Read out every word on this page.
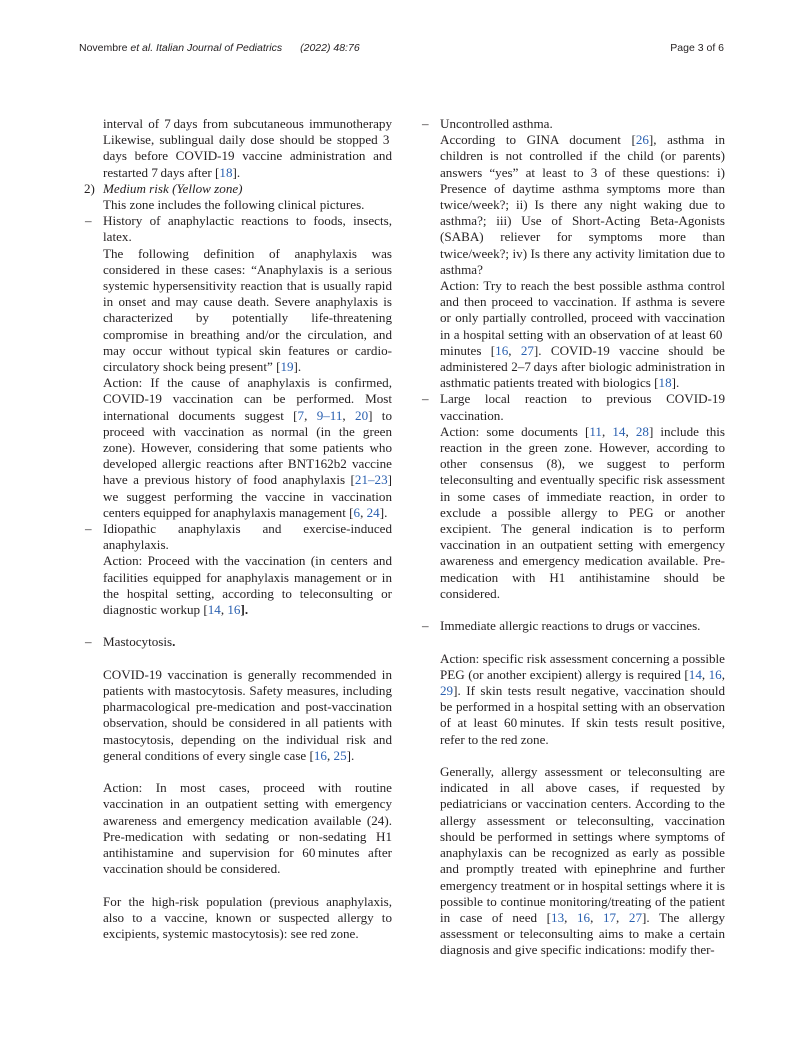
Novembre et al. Italian Journal of Pediatrics (2022) 48:76	Page 3 of 6

interval of 7 days from subcutaneous immunotherapy Likewise, sublingual daily dose should be stopped 3 days before COVID-19 vaccine administration and restarted 7 days after [18].

2) Medium risk (Yellow zone)

This zone includes the following clinical pictures.

– History of anaphylactic reactions to foods, insects, latex.

The following definition of anaphylaxis was considered in these cases: “Anaphylaxis is a serious systemic hypersensitivity reaction that is usually rapid in onset and may cause death. Severe anaphylaxis is characterized by potentially life-threatening compromise in breathing and/or the circulation, and may occur without typical skin features or cardio-circulatory shock being present” [19].

Action: If the cause of anaphylaxis is confirmed, COVID-19 vaccination can be performed. Most international documents suggest [7, 9–11, 20] to proceed with vaccination as normal (in the green zone). However, considering that some patients who developed allergic reactions after BNT162b2 vaccine have a previous history of food anaphylaxis [21–23] we suggest performing the vaccine in vaccination centers equipped for anaphylaxis management [6, 24].

– Idiopathic anaphylaxis and exercise-induced anaphylaxis.

Action: Proceed with the vaccination (in centers and facilities equipped for anaphylaxis management or in the hospital setting, according to teleconsulting or diagnostic workup [14, 16].

– Mastocytosis.

COVID-19 vaccination is generally recommended in patients with mastocytosis. Safety measures, including pharmacological pre-medication and post-vaccination observation, should be considered in all patients with mastocytosis, depending on the individual risk and general conditions of every single case [16, 25].

Action: In most cases, proceed with routine vaccination in an outpatient setting with emergency awareness and emergency medication available (24). Pre-medication with sedating or non-sedating H1 antihistamine and supervision for 60 minutes after vaccination should be considered.

For the high-risk population (previous anaphylaxis, also to a vaccine, known or suspected allergy to excipients, systemic mastocytosis): see red zone.

– Uncontrolled asthma.

According to GINA document [26], asthma in children is not controlled if the child (or parents) answers “yes” at least to 3 of these questions: i) Presence of daytime asthma symptoms more than twice/week?; ii) Is there any night waking due to asthma?; iii) Use of Short-Acting Beta-Agonists (SABA) reliever for symptoms more than twice/week?; iv) Is there any activity limitation due to asthma?

Action: Try to reach the best possible asthma control and then proceed to vaccination. If asthma is severe or only partially controlled, proceed with vaccination in a hospital setting with an observation of at least 60 minutes [16, 27]. COVID-19 vaccine should be administered 2–7 days after biologic administration in asthmatic patients treated with biologics [18].

– Large local reaction to previous COVID-19 vaccination.

Action: some documents [11, 14, 28] include this reaction in the green zone. However, according to other consensus (8), we suggest to perform teleconsulting and eventually specific risk assessment in some cases of immediate reaction, in order to exclude a possible allergy to PEG or another excipient. The general indication is to perform vaccination in an outpatient setting with emergency awareness and emergency medication available. Pre-medication with H1 antihistamine should be considered.

– Immediate allergic reactions to drugs or vaccines.

Action: specific risk assessment concerning a possible PEG (or another excipient) allergy is required [14, 16, 29]. If skin tests result negative, vaccination should be performed in a hospital setting with an observation of at least 60 minutes. If skin tests result positive, refer to the red zone.

Generally, allergy assessment or teleconsulting are indicated in all above cases, if requested by pediatricians or vaccination centers. According to the allergy assessment or teleconsulting, vaccination should be performed in settings where symptoms of anaphylaxis can be recognized as early as possible and promptly treated with epinephrine and further emergency treatment or in hospital settings where it is possible to continue monitoring/treating of the patient in case of need [13, 16, 17, 27]. The allergy assessment or teleconsulting aims to make a certain diagnosis and give specific indications: modify ther-
